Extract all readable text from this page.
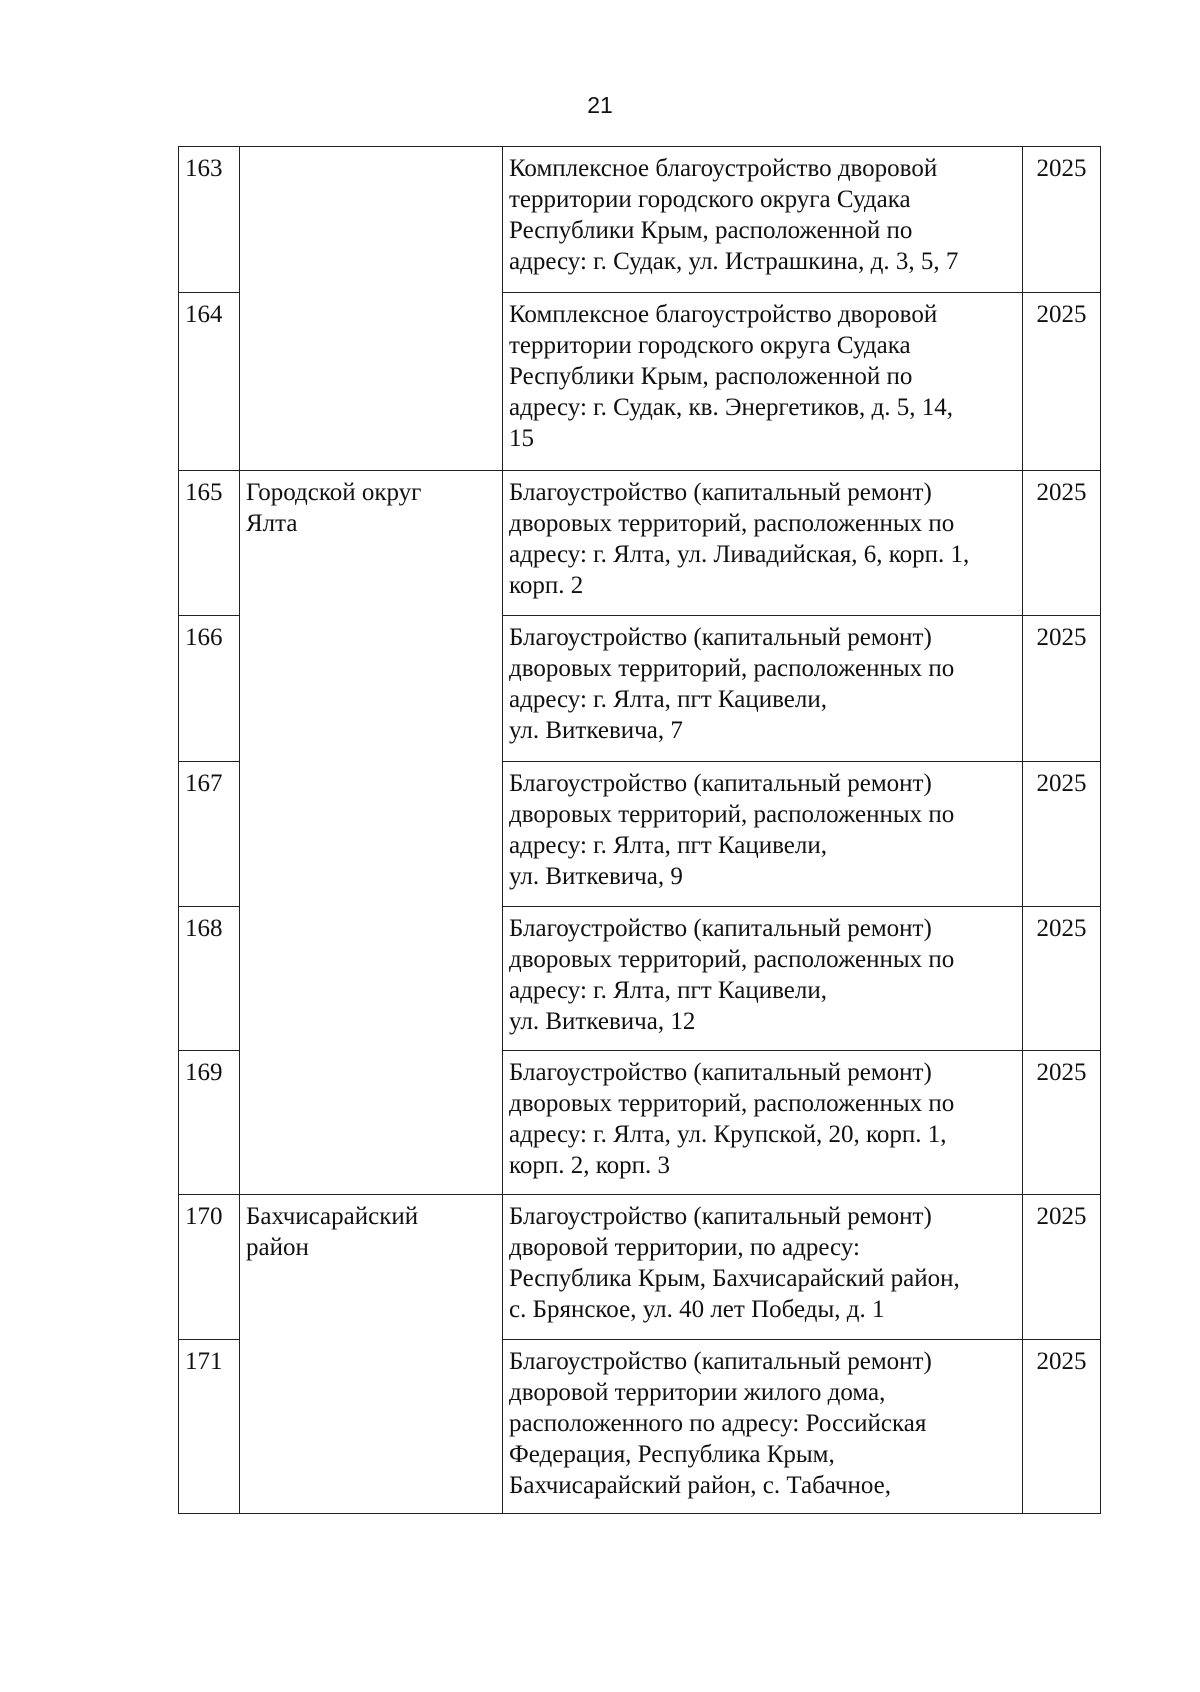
21
163		Комплексное благоустройство дворовой
территории городского округа Судака
Республики Крым, расположенной по
адресу: г. Судак, ул. Истрашкина, д. 3, 5, 7	2025
164		Комплексное благоустройство дворовой
территории городского округа Судака
Республики Крым, расположенной по
адресу: г. Судак, кв. Энергетиков, д. 5, 14,
15	2025
165	Городской округ
Ялта	Благоустройство (капитальный ремонт)
дворовых территорий, расположенных по
адресу: г. Ялта, ул. Ливадийская, 6, корп. 1,
корп. 2	2025
166		Благоустройство (капитальный ремонт)
дворовых территорий, расположенных по
адресу: г. Ялта, пгт Кацивели,
ул. Виткевича, 7	2025
167		Благоустройство (капитальный ремонт)
дворовых территорий, расположенных по
адресу: г. Ялта, пгт Кацивели,
ул. Виткевича, 9	2025
168		Благоустройство (капитальный ремонт)
дворовых территорий, расположенных по
адресу: г. Ялта, пгт Кацивели,
ул. Виткевича, 12	2025
169		Благоустройство (капитальный ремонт)
дворовых территорий, расположенных по
адресу: г. Ялта, ул. Крупской, 20, корп. 1,
корп. 2, корп. 3	2025
170	Бахчисарайский
район	Благоустройство (капитальный ремонт)
дворовой территории, по адресу:
Республика Крым, Бахчисарайский район,
с. Брянское, ул. 40 лет Победы, д. 1	2025
171		Благоустройство (капитальный ремонт)
дворовой территории жилого дома,
расположенного по адресу: Российская
Федерация, Республика Крым,
Бахчисарайский район, с. Табачное,	2025
